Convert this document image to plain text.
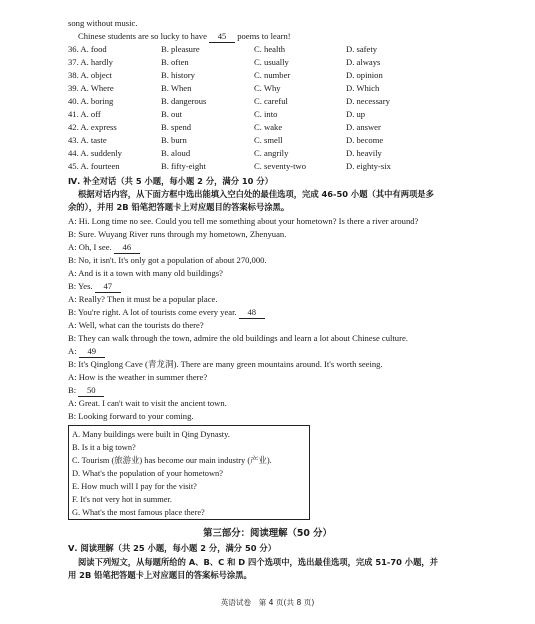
song without music.
Chinese students are so lucky to have 45 poems to learn!
36. A. food	B. pleasure	C. health	D. safety
37. A. hardly	B. often	C. usually	D. always
38. A. object	B. history	C. number	D. opinion
39. A. Where	B. When	C. Why	D. Which
40. A. boring	B. dangerous	C. careful	D. necessary
41. A. off	B. out	C. into	D. up
42. A. express	B. spend	C. wake	D. answer
43. A. taste	B. burn	C. smell	D. become
44. A. suddenly	B. aloud	C. angrily	D. heavily
45. A. fourteen	B. fifty-eight	C. seventy-two	D. eighty-six
Ⅳ. 补全对话（共 5 小题，每小题 2 分，满分 10 分）
根据对话内容，从下面方框中选出能填入空白处的最佳选项，完成 46-50 小题（其中有两项是多
余的），并用 2B 铅笔把答题卡上对应题目的答案标号涂黑。
A: Hi. Long time no see. Could you tell me something about your hometown? Is there a river around?
B: Sure. Wuyang River runs through my hometown, Zhenyuan.
A: Oh, I see. 46
B: No, it isn't. It's only got a population of about 270,000.
A: And is it a town with many old buildings?
B: Yes. 47
A: Really? Then it must be a popular place.
B: You're right. A lot of tourists come every year. 48
A: Well, what can the tourists do there?
B: They can walk through the town, admire the old buildings and learn a lot about Chinese culture.
A: 49
B: It's Qinglong Cave (青龙洞). There are many green mountains around. It's worth seeing.
A: How is the weather in summer there?
B: 50
A: Great. I can't wait to visit the ancient town.
B: Looking forward to your coming.
A. Many buildings were built in Qing Dynasty.
B. Is it a big town?
C. Tourism (旅游业) has become our main industry (产业).
D. What's the population of your hometown?
E. How much will I pay for the visit?
F. It's not very hot in summer.
G. What's the most famous place there?
第三部分：阅读理解（50 分）
Ⅴ. 阅读理解（共 25 小题，每小题 2 分，满分 50 分）
阅读下列短文，从每题所给的 A、B、C 和 D 四个选项中，选出最佳选项，完成 51-70 小题，并
用 2B 铅笔把答题卡上对应题目的答案标号涂黑。
英语试卷　第 4 页(共 8 页)
